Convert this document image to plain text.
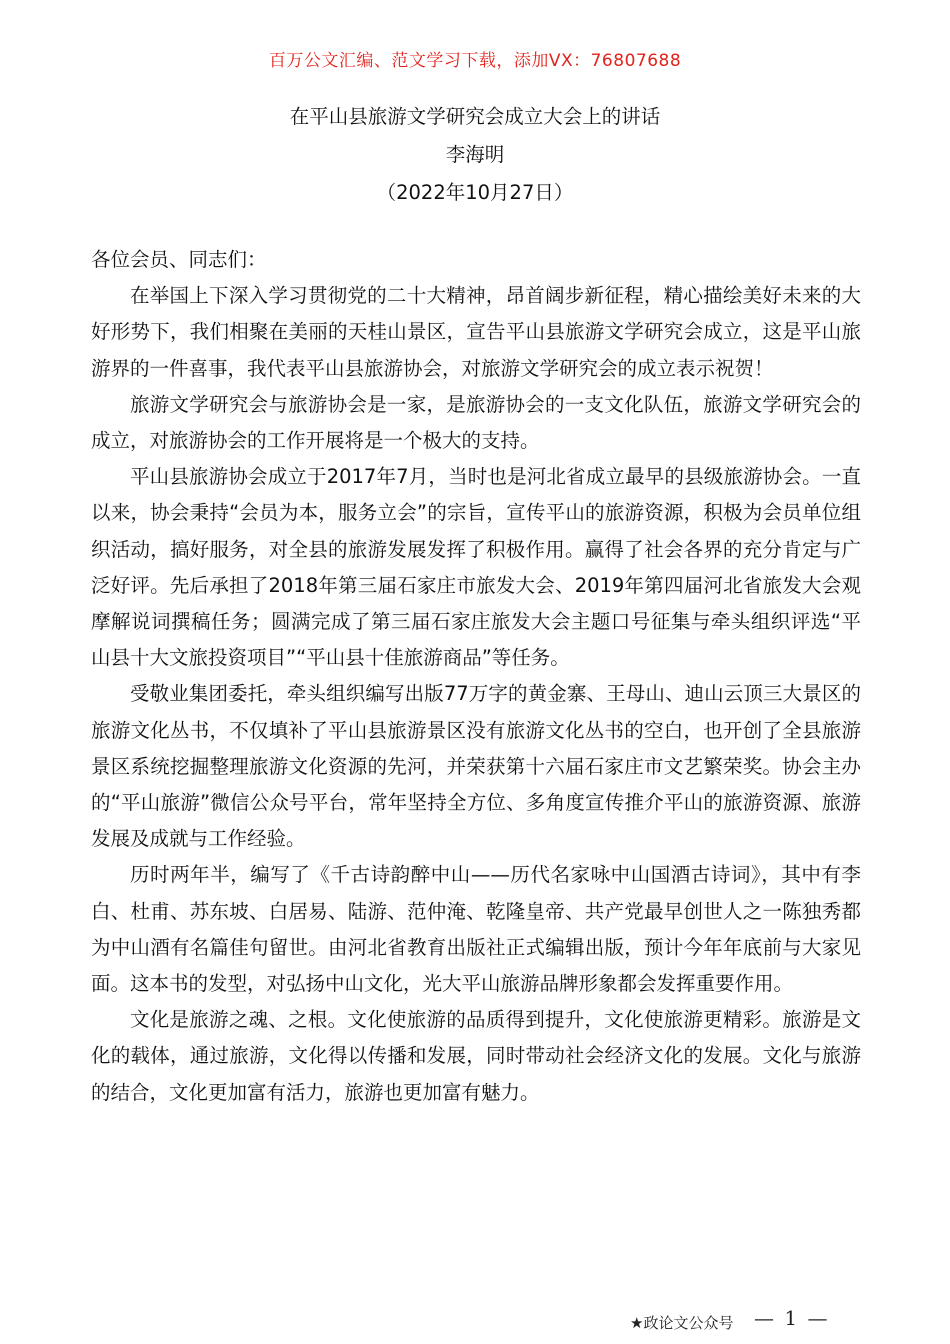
百万公文汇编、范文学习下载，添加VX：76807688
在平山县旅游文学研究会成立大会上的讲话
李海明
（2022年10月27日）

各位会员、同志们：

在举国上下深入学习贯彻党的二十大精神，昂首阔步新征程，精心描绘美好未来的大好形势下，我们相聚在美丽的天桂山景区，宣告平山县旅游文学研究会成立，这是平山旅游界的一件喜事，我代表平山县旅游协会，对旅游文学研究会的成立表示祝贺！

旅游文学研究会与旅游协会是一家，是旅游协会的一支文化队伍，旅游文学研究会的成立，对旅游协会的工作开展将是一个极大的支持。

平山县旅游协会成立于2017年7月，当时也是河北省成立最早的县级旅游协会。一直以来，协会秉持“会员为本，服务立会”的宗旨，宣传平山的旅游资源，积极为会员单位组织活动，搞好服务，对全县的旅游发展发挥了积极作用。赢得了社会各界的充分肯定与广泛好评。先后承担了2018年第三届石家庄市旅发大会、2019年第四届河北省旅发大会观摩解说词撰稿任务；圆满完成了第三届石家庄旅发大会主题口号征集与牵头组织评选“平山县十大文旅投资项目”“平山县十佳旅游商品”等任务。

受敬业集团委托，牵头组织编写出版77万字的黄金寨、王母山、迪山云顶三大景区的旅游文化丛书，不仅填补了平山县旅游景区没有旅游文化丛书的空白，也开创了全县旅游景区系统挖掘整理旅游文化资源的先河，并荣获第十六届石家庄市文艺繁荣奖。协会主办的“平山旅游”微信公众号平台，常年坚持全方位、多角度宣传推介平山的旅游资源、旅游发展及成就与工作经验。

历时两年半，编写了《千古诗韵醉中山——历代名家咏中山国酒古诗词》，其中有李白、杜甫、苏东坡、白居易、陆游、范仲淹、乾隆皇帝、共产党最早创世人之一陈独秀都为中山酒有名篇佳句留世。由河北省教育出版社正式编辑出版，预计今年年底前与大家见面。这本书的发型，对弘扬中山文化，光大平山旅游品牌形象都会发挥重要作用。

文化是旅游之魂、之根。文化使旅游的品质得到提升，文化使旅游更精彩。旅游是文化的载体，通过旅游，文化得以传播和发展，同时带动社会经济文化的发展。文化与旅游的结合，文化更加富有活力，旅游也更加富有魅力。

★政论文公众号 — 1 —
